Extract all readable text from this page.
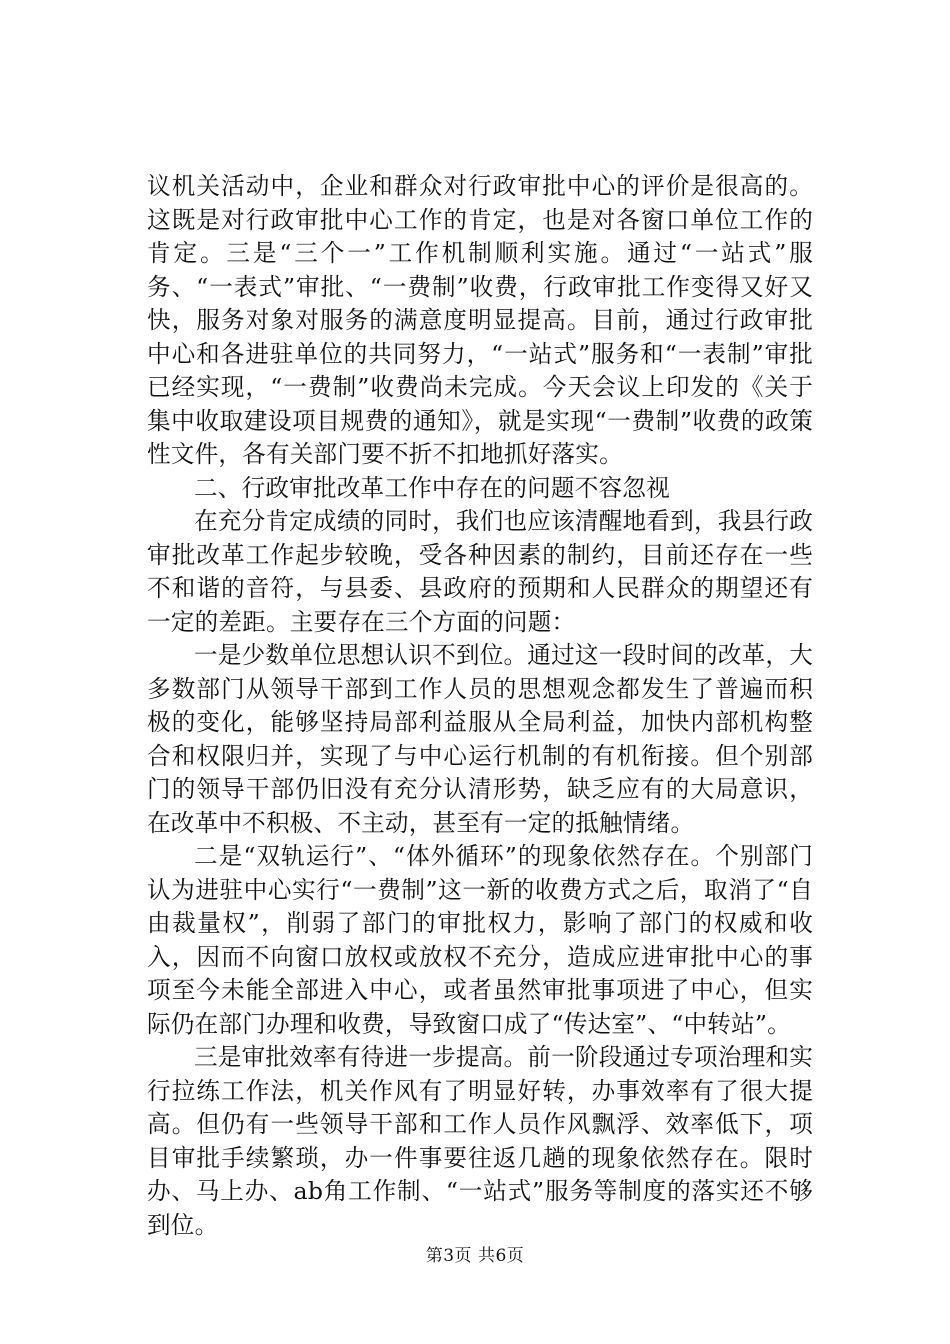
议机关活动中，企业和群众对行政审批中心的评价是很高的。这既是对行政审批中心工作的肯定，也是对各窗口单位工作的肯定。三是“三个一”工作机制顺利实施。通过“一站式”服务、“一表式”审批、“一费制”收费，行政审批工作变得又好又快，服务对象对服务的满意度明显提高。目前，通过行政审批中心和各进驻单位的共同努力，“一站式”服务和“一表制”审批已经实现，“一费制”收费尚未完成。今天会议上印发的《关于集中收取建设项目规费的通知》，就是实现“一费制”收费的政策性文件，各有关部门要不折不扣地抓好落实。

二、行政审批改革工作中存在的问题不容忽视

在充分肯定成绩的同时，我们也应该清醒地看到，我县行政审批改革工作起步较晚，受各种因素的制约，目前还存在一些不和谐的音符，与县委、县政府的预期和人民群众的期望还有一定的差距。主要存在三个方面的问题：

一是少数单位思想认识不到位。通过这一段时间的改革，大多数部门从领导干部到工作人员的思想观念都发生了普遍而积极的变化，能够坚持局部利益服从全局利益，加快内部机构整合和权限归并，实现了与中心运行机制的有机衔接。但个别部门的领导干部仍旧没有充分认清形势，缺乏应有的大局意识，在改革中不积极、不主动，甚至有一定的抵触情绪。

二是“双轨运行”、“体外循环”的现象依然存在。个别部门认为进驻中心实行“一费制”这一新的收费方式之后，取消了“自由裁量权”，削弱了部门的审批权力，影响了部门的权威和收入，因而不向窗口放权或放权不充分，造成应进审批中心的事项至今未能全部进入中心，或者虽然审批事项进了中心，但实际仍在部门办理和收费，导致窗口成了“传达室”、“中转站”。

三是审批效率有待进一步提高。前一阶段通过专项治理和实行拉练工作法，机关作风有了明显好转，办事效率有了很大提高。但仍有一些领导干部和工作人员作风飘浮、效率低下，项目审批手续繁琐，办一件事要往返几趟的现象依然存在。限时办、马上办、ab角工作制、“一站式”服务等制度的落实还不够到位。

第3页 共6页
